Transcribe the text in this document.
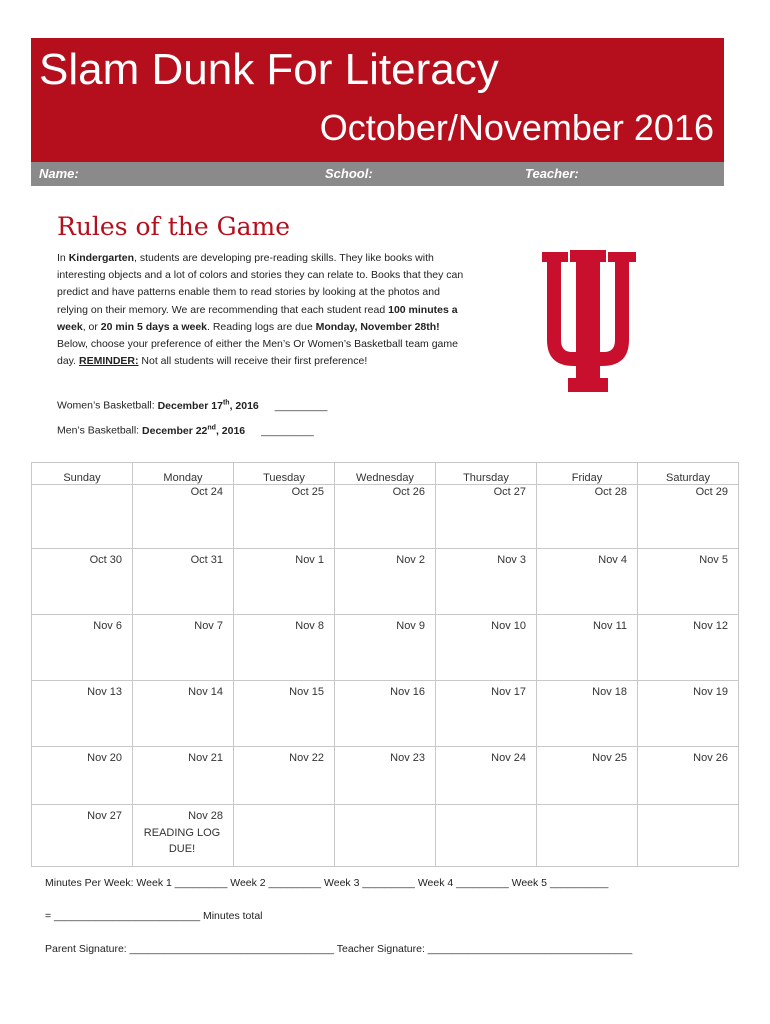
Slam Dunk For Literacy
October/November 2016
Name:	School:	Teacher:
Rules of the Game
In Kindergarten, students are developing pre-reading skills. They like books with interesting objects and a lot of colors and stories they can relate to. Books that they can predict and have patterns enable them to read stories by looking at the photos and relying on their memory. We are recommending that each student read 100 minutes a week, or 20 min 5 days a week. Reading logs are due Monday, November 28th! Below, choose your preference of either the Men’s Or Women’s Basketball team game day. REMINDER: Not all students will receive their first preference!
Women’s Basketball: December 17th, 2016 _________
Men’s Basketball: December 22nd, 2016 _________
Sunday	Monday	Tuesday	Wednesday	Thursday	Friday	Saturday
	Oct 24	Oct 25	Oct 26	Oct 27	Oct 28	Oct 29
Oct 30	Oct 31	Nov 1	Nov 2	Nov 3	Nov 4	Nov 5
Nov 6	Nov 7	Nov 8	Nov 9	Nov 10	Nov 11	Nov 12
Nov 13	Nov 14	Nov 15	Nov 16	Nov 17	Nov 18	Nov 19
Nov 20	Nov 21	Nov 22	Nov 23	Nov 24	Nov 25	Nov 26
Nov 27	Nov 28
READING LOG
DUE!					

Minutes Per Week: Week 1 _________ Week 2 _________ Week 3 _________ Week 4 _________ Week 5 __________
= _________________________ Minutes total
Parent Signature: ___________________________________ Teacher Signature: ___________________________________
